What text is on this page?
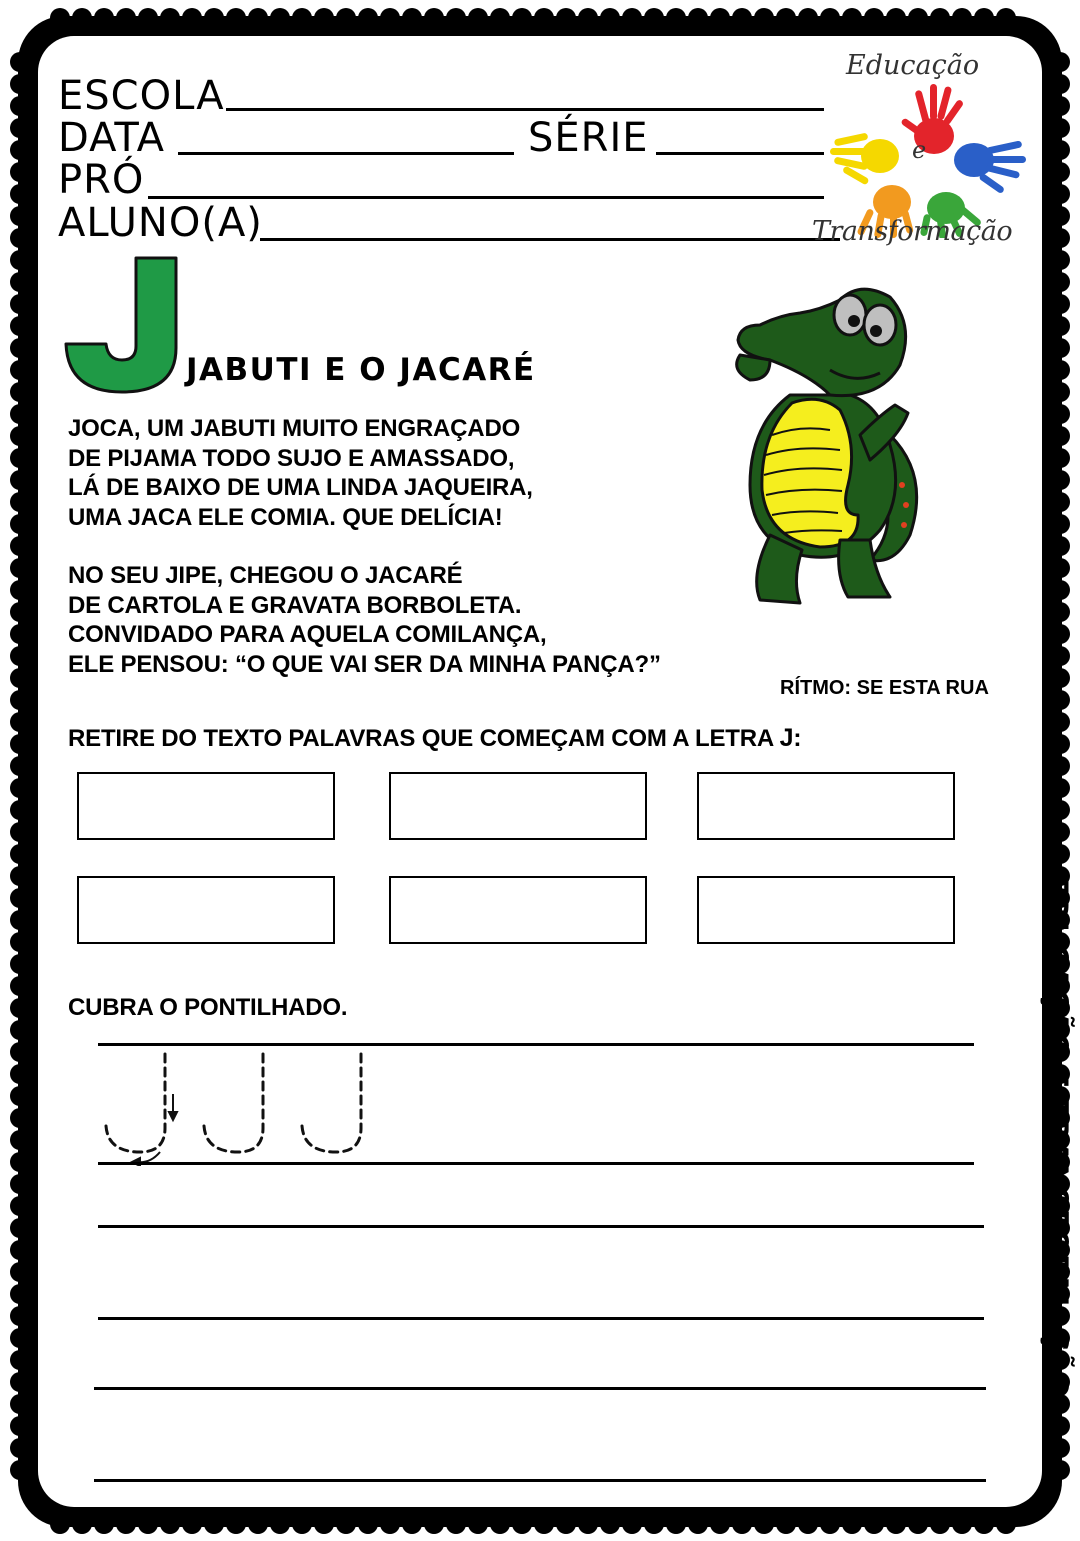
ESCOLA
DATA	SÉRIE
PRÓ
ALUNO(A)
Educação
e
Transformação
J
JABUTI E O JACARÉ

JOCA, UM JABUTI MUITO ENGRAÇADO

DE PIJAMA TODO SUJO E AMASSADO,

LÁ DE BAIXO DE UMA LINDA JAQUEIRA,

UMA JACA ELE COMIA. QUE DELÍCIA!

NO SEU JIPE, CHEGOU O JACARÉ

DE CARTOLA E GRAVATA BORBOLETA.

CONVIDADO PARA AQUELA COMILANÇA,

ELE PENSOU: “O QUE VAI SER DA MINHA PANÇA?”

RÍTMO: SE ESTA RUA
RETIRE DO TEXTO PALAVRAS QUE COMEÇAM COM A LETRA J:
CUBRA O PONTILHADO.	EDUCAÇÃO E TRANSFORMAÇÃO
